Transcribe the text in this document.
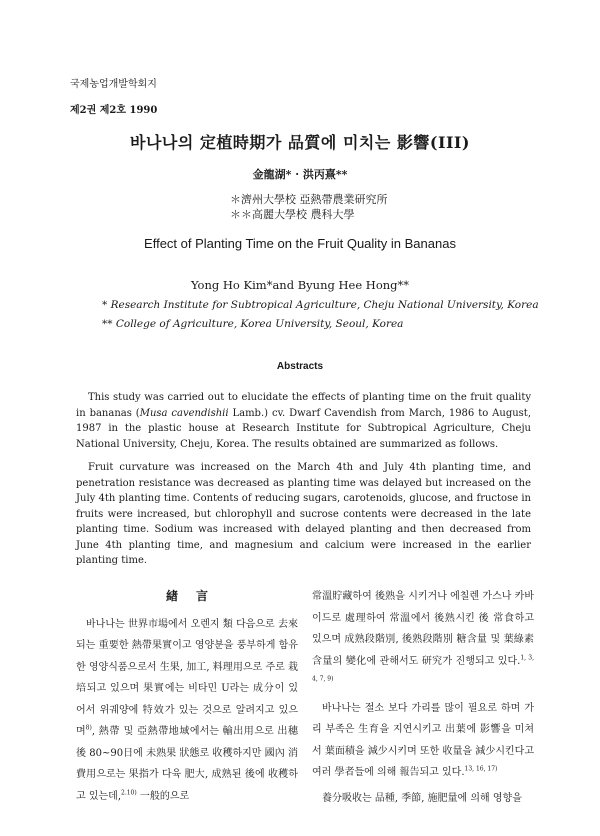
국제농업개발학회지
제2권 제2호 1990
바나나의 定植時期가 品質에 미치는 影響(III)
金龍湖* · 洪丙熹**
＊濟州大學校 亞熱帶農業研究所
＊＊高麗大學校 農科大學
Effect of Planting Time on the Fruit Quality in Bananas
Yong Ho Kim*and Byung Hee Hong**
* Research Institute for Subtropical Agriculture, Cheju National University, Korea
** College of Agriculture, Korea University, Seoul, Korea
Abstracts

This study was carried out to elucidate the effects of planting time on the fruit quality in bananas (Musa cavendishii Lamb.) cv. Dwarf Cavendish from March, 1986 to August, 1987 in the plastic house at Research Institute for Subtropical Agriculture, Cheju National University, Cheju, Korea. The results obtained are summarized as follows.

Fruit curvature was increased on the March 4th and July 4th planting time, and penetration resistance was decreased as planting time was delayed but increased on the July 4th planting time. Contents of reducing sugars, carotenoids, glucose, and fructose in fruits were increased, but chlorophyll and sucrose contents were decreased in the late planting time. Sodium was increased with delayed planting and then decreased from June 4th planting time, and magnesium and calcium were increased in the earlier planting time.

緖言

바나나는 世界市場에서 오렌지 類 다음으로 去來되는 重要한 熱帶果實이고 영양분을 풍부하게 함유한 영양식품으로서 生果, 加工, 料理用으로 주로 栽培되고 있으며 果實에는 비타민 U라는 成分이 있어서 위궤양에 特效가 있는 것으로 알려지고 있으며$^{8)}$, 熱帶 및 亞熱帶地域에서는 輸出用으로 出穗 後 80~90日에 未熟果 狀態로 收穫하지만 國內 消費用으로는 果指가 다육 肥大, 成熟된 後에 收穫하고 있는데,$^{2.10)}$ 一般的으로

常溫貯藏하여 後熟을 시키거나 에칠렌 가스나 카바이드로 處理하여 常溫에서 後熟시킨 後 常食하고 있으며 成熟段階別, 後熟段階別 糖含量 및 葉綠素 含量의 變化에 관해서도 研究가 진행되고 있다.$^{1, 3, 4, 7, 9)}$

바나나는 절소 보다 가리를 많이 필요로 하며 가리 부족은 生育을 지연시키고 出葉에 影響을 미쳐서 葉面積을 減少시키며 또한 收量을 減少시킨다고 여러 學者들에 의해 報告되고 있다.$^{13, 16, 17)}$

養分吸收는 品種, 季節, 施肥量에 의해 영향을
